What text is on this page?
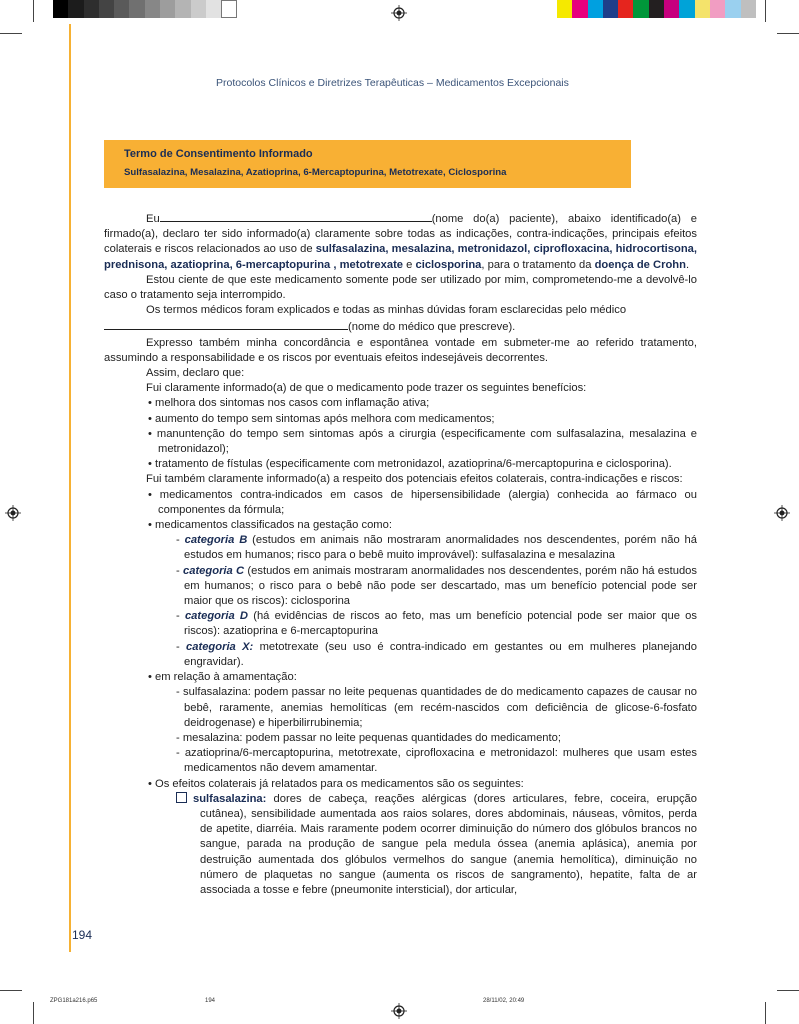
Protocolos Clínicos e Diretrizes Terapêuticas – Medicamentos Excepcionais
Termo de Consentimento Informado
Sulfasalazina, Mesalazina, Azatioprina, 6-Mercaptopurina, Metotrexate, Ciclosporina

Eu	(nome do(a) paciente), abaixo identificado(a) e firmado(a), declaro ter sido informado(a) claramente sobre todas as indicações, contra-indicações, principais efeitos colaterais e riscos relacionados ao uso de sulfasalazina, mesalazina, metronidazol, ciprofloxacina, hidrocortisona, prednisona, azatioprina, 6-mercaptopurina , metotrexate e ciclosporina, para o tratamento da doença de Crohn.

Estou ciente de que este medicamento somente pode ser utilizado por mim, comprometendo-me a devolvê-lo caso o tratamento seja interrompido.

Os termos médicos foram explicados e todas as minhas dúvidas foram esclarecidas pelo médico

(nome do médico que prescreve).

Expresso também minha concordância e espontânea vontade em submeter-me ao referido tratamento, assumindo a responsabilidade e os riscos por eventuais efeitos indesejáveis decorrentes.

Assim, declaro que:

Fui claramente informado(a) de que o medicamento pode trazer os seguintes benefícios:

• melhora dos sintomas nos casos com inflamação ativa;

• aumento do tempo sem sintomas após melhora com medicamentos;

• manuntenção do tempo sem sintomas após a cirurgia (especificamente com sulfasalazina, mesalazina e metronidazol);

• tratamento de fístulas (especificamente com metronidazol, azatioprina/6-mercaptopurina e ciclosporina).

Fui também claramente informado(a) a respeito dos potenciais efeitos colaterais, contra-indicações e riscos:

• medicamentos contra-indicados em casos de hipersensibilidade (alergia) conhecida ao fármaco ou componentes da fórmula;

• medicamentos classificados na gestação como:

- categoria B (estudos em animais não mostraram anormalidades nos descendentes, porém não há estudos em humanos; risco para o bebê muito improvável): sulfasalazina e mesalazina

- categoria C (estudos em animais mostraram anormalidades nos descendentes, porém não há estudos em humanos; o risco para o bebê não pode ser descartado, mas um benefício potencial pode ser maior que os riscos): ciclosporina

- categoria D (há evidências de riscos ao feto, mas um benefício potencial pode ser maior que os riscos): azatioprina e 6-mercaptopurina

- categoria X: metotrexate (seu uso é contra-indicado em gestantes ou em mulheres planejando engravidar).

• em relação à amamentação:

- sulfasalazina: podem passar no leite pequenas quantidades de do medicamento capazes de causar no bebê, raramente, anemias hemolíticas (em recém-nascidos com deficiência de glicose-6-fosfato deidrogenase) e hiperbilirrubinemia;

- mesalazina: podem passar no leite pequenas quantidades do medicamento;

- azatioprina/6-mercaptopurina, metotrexate, ciprofloxacina e metronidazol: mulheres que usam estes medicamentos não devem amamentar.

• Os efeitos colaterais já relatados para os medicamentos são os seguintes:

sulfasalazina: dores de cabeça, reações alérgicas (dores articulares, febre, coceira, erupção cutânea), sensibilidade aumentada aos raios solares, dores abdominais, náuseas, vômitos, perda de apetite, diarréia. Mais raramente podem ocorrer diminuição do número dos glóbulos brancos no sangue, parada na produção de sangue pela medula óssea (anemia aplásica), anemia por destruição aumentada dos glóbulos vermelhos do sangue (anemia hemolítica), diminuição no número de plaquetas no sangue (aumenta os riscos de sangramento), hepatite, falta de ar associada a tosse e febre (pneumonite intersticial), dor articular,

194
ZPG181a216.p65	194	28/11/02, 20:49
